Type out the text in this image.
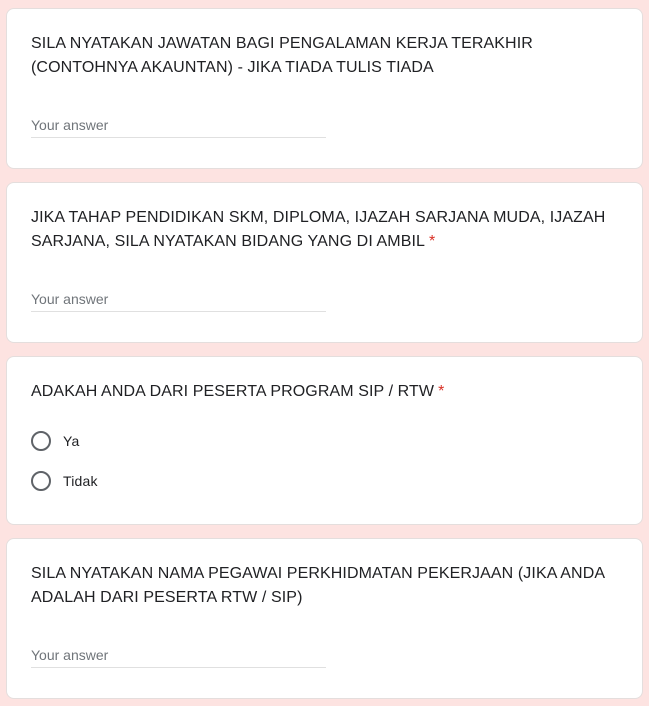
SILA NYATAKAN JAWATAN BAGI PENGALAMAN KERJA TERAKHIR (CONTOHNYA AKAUNTAN) - JIKA TIADA TULIS TIADA

Your answer

JIKA TAHAP PENDIDIKAN SKM, DIPLOMA, IJAZAH SARJANA MUDA, IJAZAH SARJANA, SILA NYATAKAN BIDANG YANG DI AMBIL *

Your answer

ADAKAH ANDA DARI PESERTA PROGRAM SIP / RTW *

Ya
Tidak

SILA NYATAKAN NAMA PEGAWAI PERKHIDMATAN PEKERJAAN (JIKA ANDA ADALAH DARI PESERTA RTW / SIP)

Your answer
